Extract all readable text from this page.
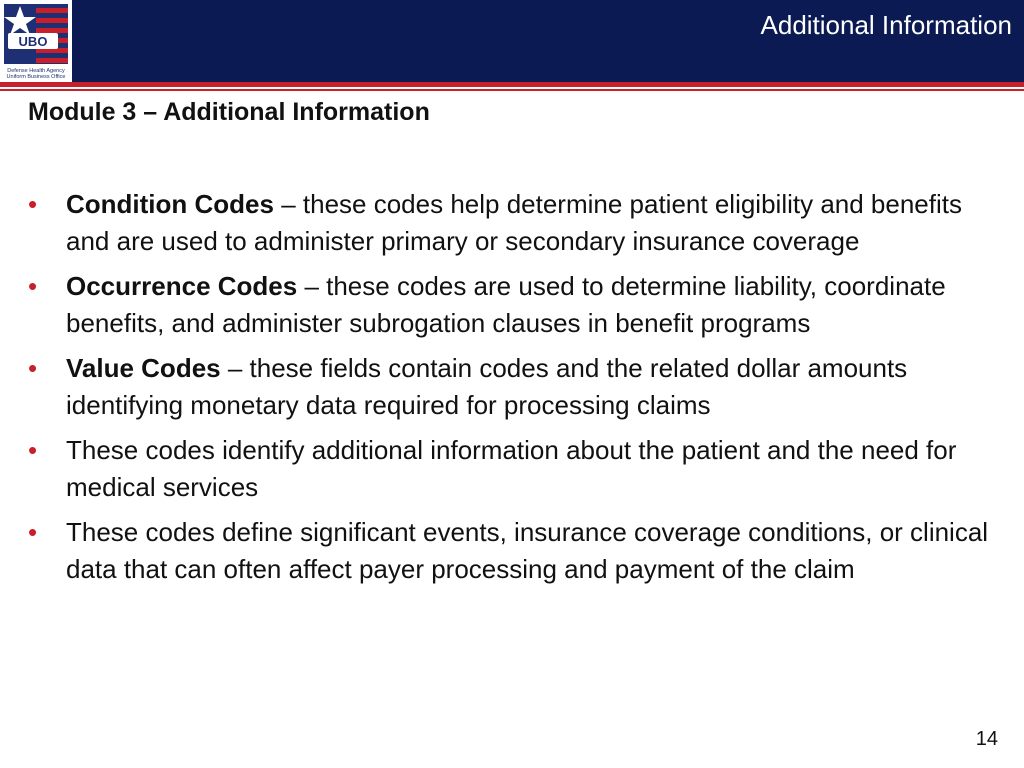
UBO
Defense Health Agency
Uniform Business Office
Additional Information
Module 3 – Additional Information
• Condition Codes – these codes help determine patient eligibility and benefits and are used to administer primary or secondary insurance coverage
• Occurrence Codes – these codes are used to determine liability, coordinate benefits, and administer subrogation clauses in benefit programs
• Value Codes – these fields contain codes and the related dollar amounts identifying monetary data required for processing claims
• These codes identify additional information about the patient and the need for medical services
• These codes define significant events, insurance coverage conditions, or clinical data that can often affect payer processing and payment of the claim
14
